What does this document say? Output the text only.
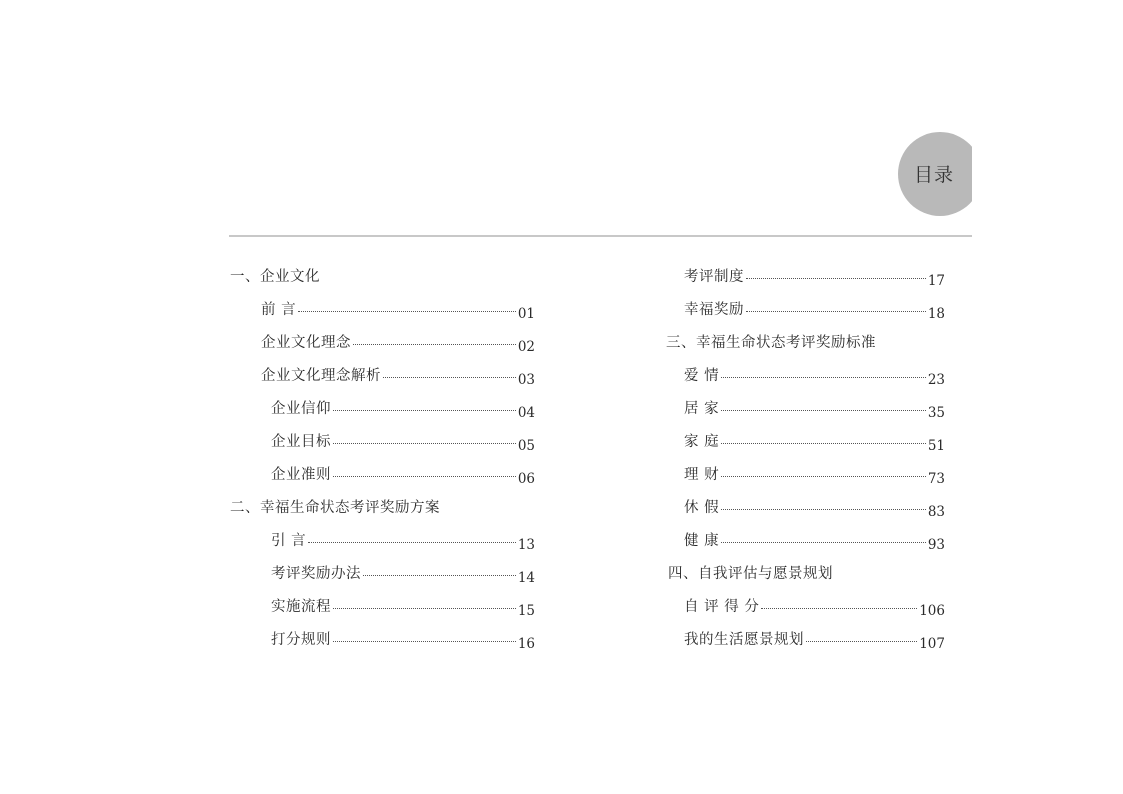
目录
一、企业文化
前 言	01
企业文化理念	02
企业文化理念解析	03
企业信仰	04
企业目标	05
企业准则	06
二、幸福生命状态考评奖励方案
引 言	13
考评奖励办法	14
实施流程	15
打分规则	16
考评制度	17
幸福奖励	18
三、幸福生命状态考评奖励标准
爱 情	23
居 家	35
家 庭	51
理 财	73
休 假	83
健 康	93
四、自我评估与愿景规划
自 评 得 分	106
我的生活愿景规划	107
